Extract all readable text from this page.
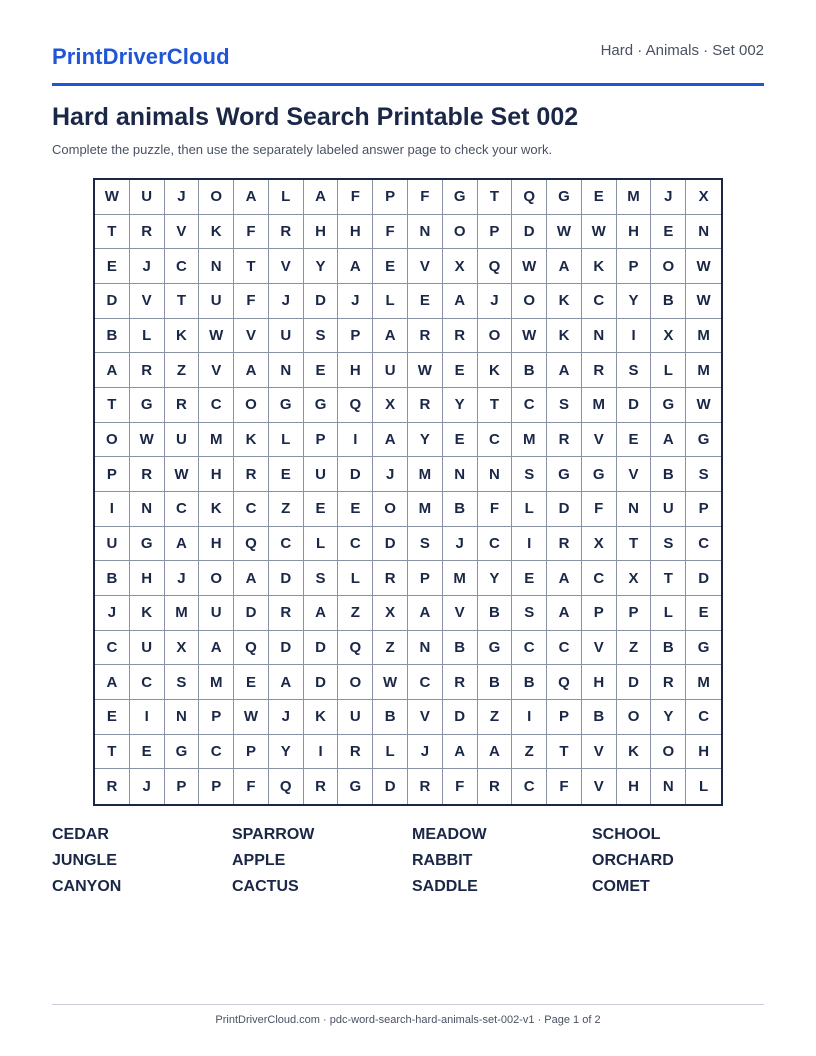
PrintDriverCloud	Hard · Animals · Set 002
Hard animals Word Search Printable Set 002
Complete the puzzle, then use the separately labeled answer page to check your work.
W	U	J	O	A	L	A	F	P	F	G	T	Q	G	E	M	J	X
T	R	V	K	F	R	H	H	F	N	O	P	D	W	W	H	E	N
E	J	C	N	T	V	Y	A	E	V	X	Q	W	A	K	P	O	W
D	V	T	U	F	J	D	J	L	E	A	J	O	K	C	Y	B	W
B	L	K	W	V	U	S	P	A	R	R	O	W	K	N	I	X	M
A	R	Z	V	A	N	E	H	U	W	E	K	B	A	R	S	L	M
T	G	R	C	O	G	G	Q	X	R	Y	T	C	S	M	D	G	W
O	W	U	M	K	L	P	I	A	Y	E	C	M	R	V	E	A	G
P	R	W	H	R	E	U	D	J	M	N	N	S	G	G	V	B	S
I	N	C	K	C	Z	E	E	O	M	B	F	L	D	F	N	U	P
U	G	A	H	Q	C	L	C	D	S	J	C	I	R	X	T	S	C
B	H	J	O	A	D	S	L	R	P	M	Y	E	A	C	X	T	D
J	K	M	U	D	R	A	Z	X	A	V	B	S	A	P	P	L	E
C	U	X	A	Q	D	D	Q	Z	N	B	G	C	C	V	Z	B	G
A	C	S	M	E	A	D	O	W	C	R	B	B	Q	H	D	R	M
E	I	N	P	W	J	K	U	B	V	D	Z	I	P	B	O	Y	C
T	E	G	C	P	Y	I	R	L	J	A	A	Z	T	V	K	O	H
R	J	P	P	F	Q	R	G	D	R	F	R	C	F	V	H	N	L
CEDAR	SPARROW	MEADOW	SCHOOL
JUNGLE	APPLE	RABBIT	ORCHARD
CANYON	CACTUS	SADDLE	COMET
PrintDriverCloud.com · pdc-word-search-hard-animals-set-002-v1 · Page 1 of 2
